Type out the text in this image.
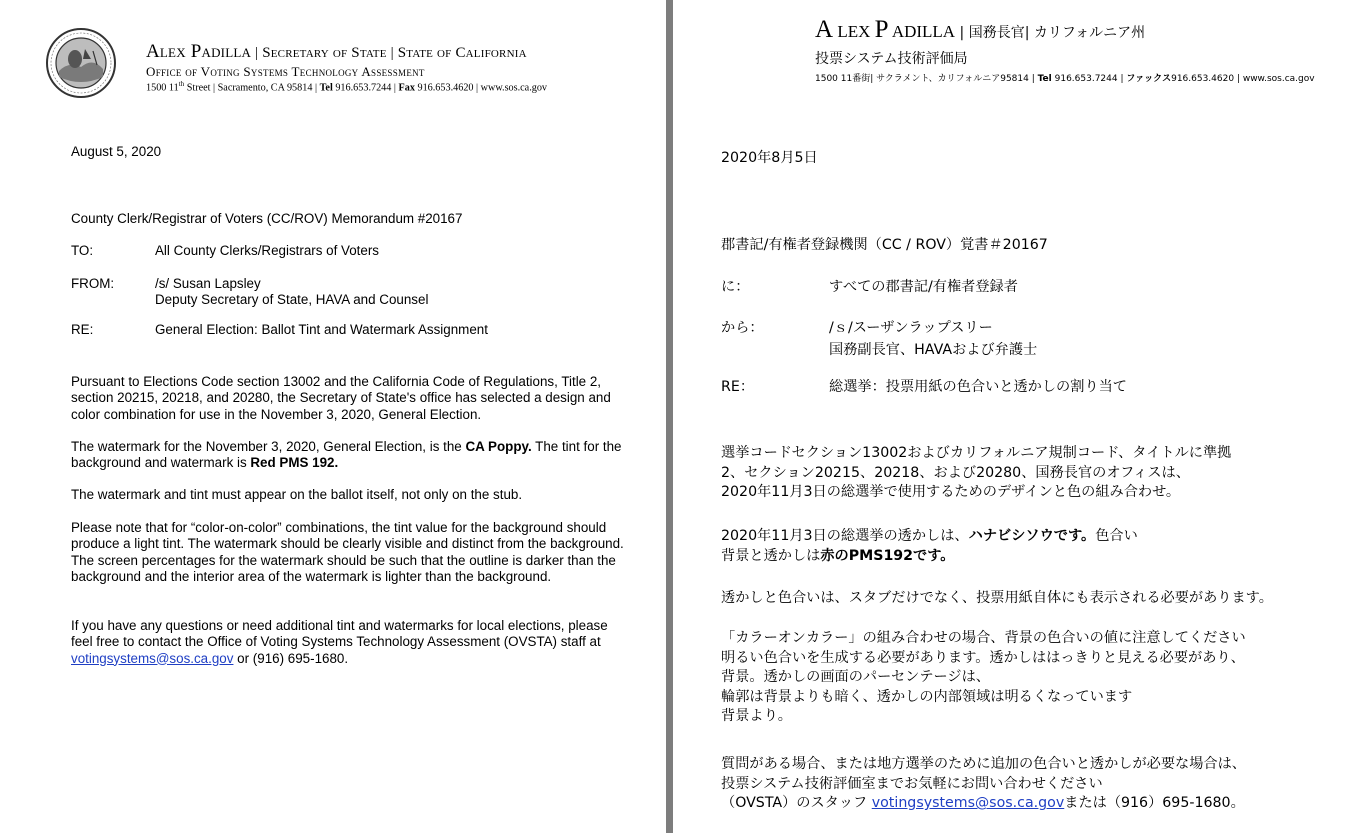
Alex Padilla | Secretary of State | State of California
Office of Voting Systems Technology Assessment
1500 11th Street | Sacramento, CA 95814 | Tel 916.653.7244 | Fax 916.653.4620 | www.sos.ca.gov
August 5, 2020
County Clerk/Registrar of Voters (CC/ROV) Memorandum #20167
TO:	All County Clerks/Registrars of Voters
FROM:	/s/ Susan Lapsley
Deputy Secretary of State, HAVA and Counsel
RE:	General Election: Ballot Tint and Watermark Assignment
Pursuant to Elections Code section 13002 and the California Code of Regulations, Title 2, section 20215, 20218, and 20280, the Secretary of State's office has selected a design and color combination for use in the November 3, 2020, General Election.
The watermark for the November 3, 2020, General Election, is the CA Poppy. The tint for the background and watermark is Red PMS 192.
The watermark and tint must appear on the ballot itself, not only on the stub.
Please note that for “color-on-color” combinations, the tint value for the background should produce a light tint. The watermark should be clearly visible and distinct from the background. The screen percentages for the watermark should be such that the outline is darker than the background and the interior area of the watermark is lighter than the background.
If you have any questions or need additional tint and watermarks for local elections, please feel free to contact the Office of Voting Systems Technology Assessment (OVSTA) staff at votingsystems@sos.ca.gov or (916) 695-1680.
A LEX P ADILLA | 国務長官| カリフォルニア州
投票システム技術評価局
1500 11番街| サクラメント、カリフォルニア95814 | Tel 916.653.7244 | ファックス916.653.4620 | www.sos.ca.gov
2020年8月5日
郡書記/有権者登録機関（CC / ROV）覚書＃20167
に：	すべての郡書記/有権者登録者
から：	/ｓ/スーザンラップスリー
国務副長官、HAVAおよび弁護士
RE：	総選挙：投票用紙の色合いと透かしの割り当て
選挙コードセクション13002およびカリフォルニア規制コード、タイトルに準拠
2、セクション20215、20218、および20280、国務長官のオフィスは、
2020年11月3日の総選挙で使用するためのデザインと色の組み合わせ。
2020年11月3日の総選挙の透かしは、ハナビシソウです。色合い
背景と透かしは赤のPMS192です。
透かしと色合いは、スタブだけでなく、投票用紙自体にも表示される必要があります。
「カラーオンカラー」の組み合わせの場合、背景の色合いの値に注意してください
明るい色合いを生成する必要があります。透かしははっきりと見える必要があり、
背景。透かしの画面のパーセンテージは、
輪郭は背景よりも暗く、透かしの内部領域は明るくなっています
背景より。
質問がある場合、または地方選挙のために追加の色合いと透かしが必要な場合は、
投票システム技術評価室までお気軽にお問い合わせください
（OVSTA）のスタッフ votingsystems@sos.ca.govまたは（916）695-1680。
